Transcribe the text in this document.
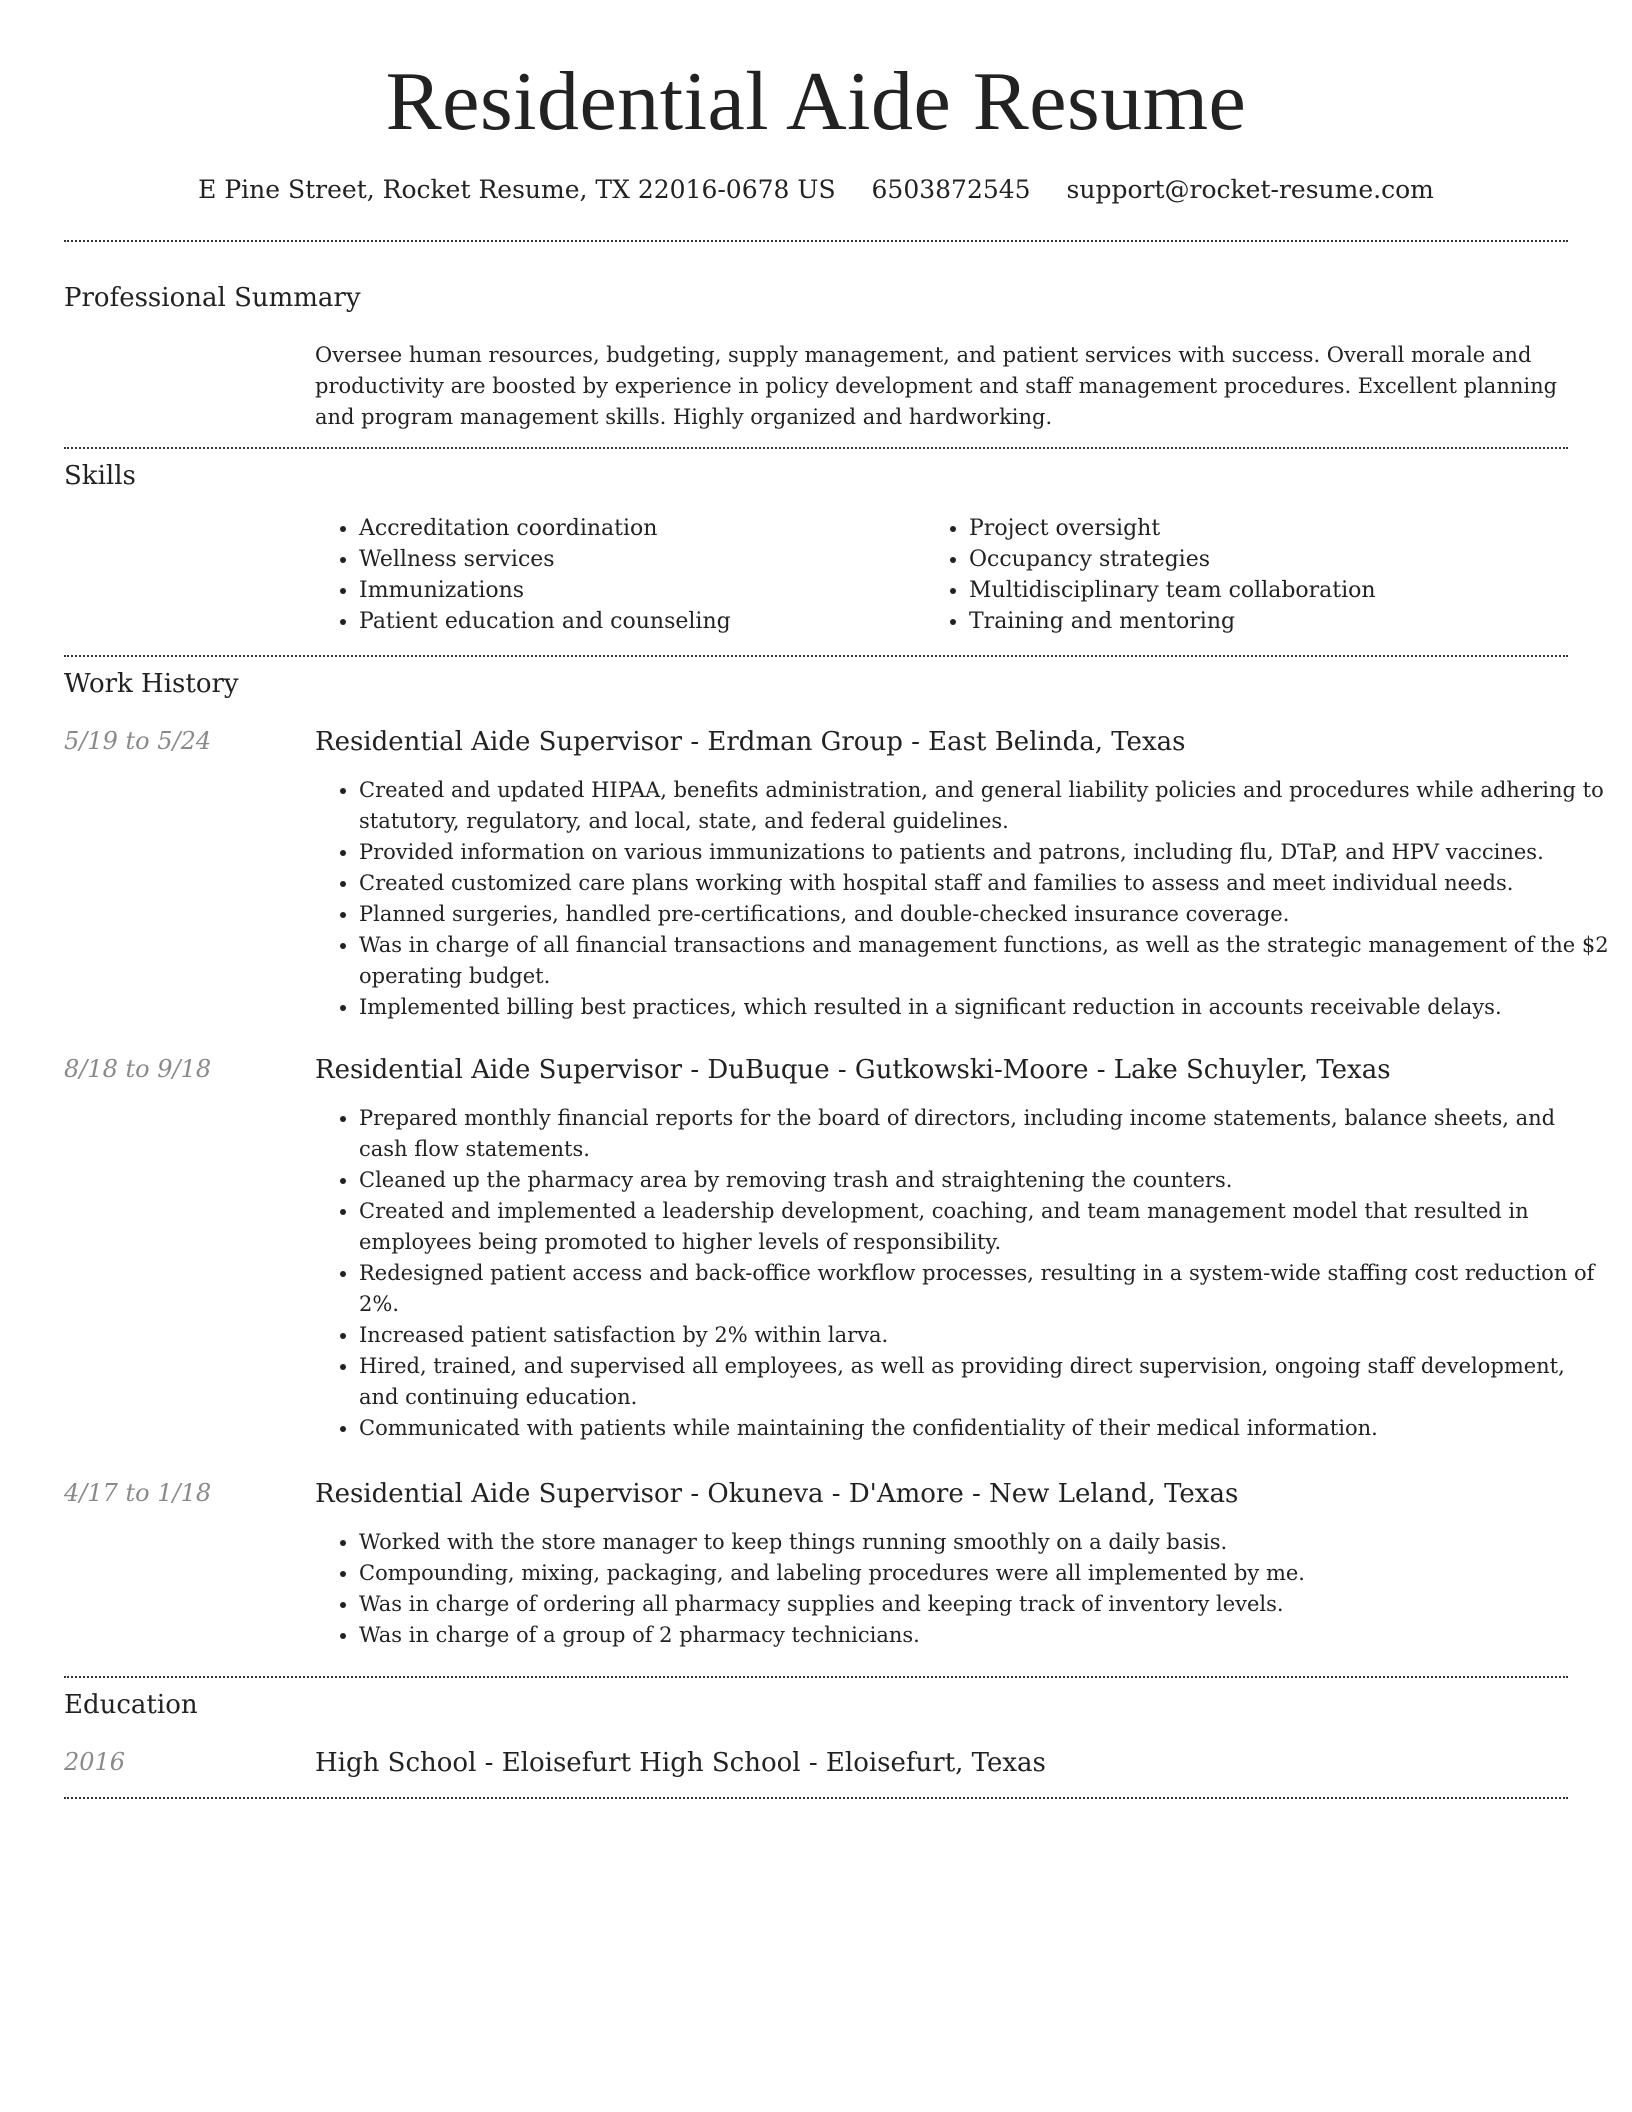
Residential Aide Resume
E Pine Street, Rocket Resume, TX 22016-0678 US 6503872545 support@rocket-resume.com
Professional Summary

Oversee human resources, budgeting, supply management, and patient services with success. Overall morale and productivity are boosted by experience in policy development and staff management procedures. Excellent planning and program management skills. Highly organized and hardworking.

Skills
• Accreditation coordination
• Wellness services
• Immunizations
• Patient education and counseling
• Project oversight
• Occupancy strategies
• Multidisciplinary team collaboration
• Training and mentoring
Work History
5/19 to 5/24	Residential Aide Supervisor - Erdman Group - East Belinda, Texas
• Created and updated HIPAA, benefits administration, and general liability policies and procedures while adhering to statutory, regulatory, and local, state, and federal guidelines.
• Provided information on various immunizations to patients and patrons, including flu, DTaP, and HPV vaccines.
• Created customized care plans working with hospital staff and families to assess and meet individual needs.
• Planned surgeries, handled pre-certifications, and double-checked insurance coverage.
• Was in charge of all financial transactions and management functions, as well as the strategic management of the $2 operating budget.
• Implemented billing best practices, which resulted in a significant reduction in accounts receivable delays.
8/18 to 9/18	Residential Aide Supervisor - DuBuque - Gutkowski-Moore - Lake Schuyler, Texas
• Prepared monthly financial reports for the board of directors, including income statements, balance sheets, and cash flow statements.
• Cleaned up the pharmacy area by removing trash and straightening the counters.
• Created and implemented a leadership development, coaching, and team management model that resulted in employees being promoted to higher levels of responsibility.
• Redesigned patient access and back-office workflow processes, resulting in a system-wide staffing cost reduction of 2%.
• Increased patient satisfaction by 2% within larva.
• Hired, trained, and supervised all employees, as well as providing direct supervision, ongoing staff development, and continuing education.
• Communicated with patients while maintaining the confidentiality of their medical information.
4/17 to 1/18	Residential Aide Supervisor - Okuneva - D'Amore - New Leland, Texas
• Worked with the store manager to keep things running smoothly on a daily basis.
• Compounding, mixing, packaging, and labeling procedures were all implemented by me.
• Was in charge of ordering all pharmacy supplies and keeping track of inventory levels.
• Was in charge of a group of 2 pharmacy technicians.
Education
2016	High School - Eloisefurt High School - Eloisefurt, Texas
